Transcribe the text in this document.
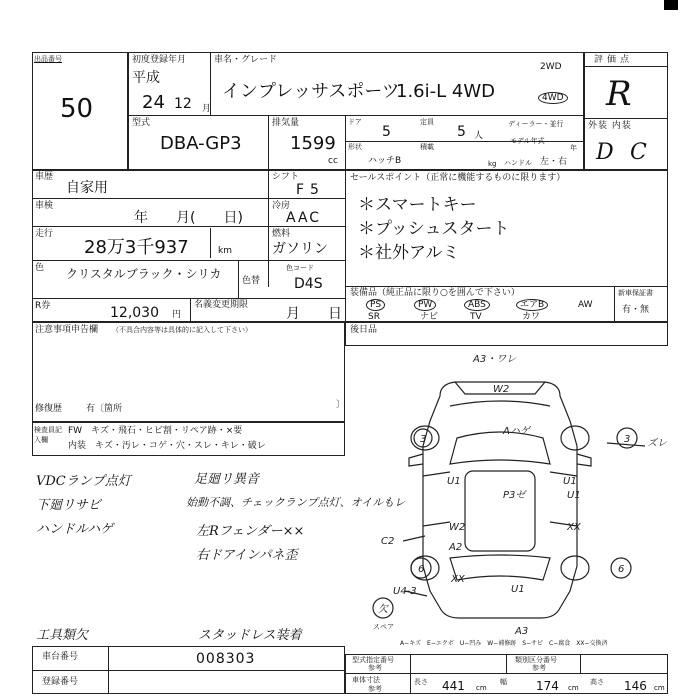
出品番号
50
初度登録年月
平成
24 12 月
車名・グレード
インプレッサスポーツ
1.6i-L 4WD
2WD
4WD
型式
DBA-GP3
排気量
1599
cc
ドア
5
定員
5 人
ディーラー・並行
形状
ハッチB
積載
kg
モデル年式
年
ハンドル 左・右
評価点
R
外装 内装
D C
車歴
自家用
シフト
F5
車検
年　　月(　　日)
冷房
AAC
走行
28万3千937	km
燃料
ガソリン
色 クリスタルブラック・シリカ	色替
色コード
D4S
R券	12,030 円
名義変更期限
月　　日
セールスポイント（正常に機能するものに限ります）
＊スマートキー
＊プッシュスタート
＊社外アルミ
装備品（純正品に限り○を囲んで下さい）
PS	PW	ABS	エアB	AW
SR	ナビ	TV	カワ
新車保証書
有・無
注意事項申告欄 （不具合内容等は具体的に記入して下さい）
修復歴	有〔箇所	〕
後日品
検査員記入欄
FW　キズ・飛石・ヒビ割・リペア跡・×要
内装　キズ・汚レ・コゲ・穴・スレ・キレ・破レ
VDCランプ点灯
下廻リサビ
ハンドルハゲ
足廻リ異音
始動不調、チェックランプ点灯、オイルもレ
左Rフェンダー××
右ドアインパネ歪
工具類欠	スタッドレス装着
A3・ワレ
W2
Aハゲ
ズレ
3	3
U1
P3ゼ
U1
U1
W2	XX
C2
A2
6	6
XX
U1
U4-3
欠
A3
スペア
A−キズ　E−エクボ　U−凹み　W−補修跡　S−サビ　C−腐食　XX−交換済
車台番号	008303
登録番号
型式指定番号
参考
類別区分番号
参考
車体寸法
参考
長さ 441 cm
幅 174 cm
高さ 146 cm
